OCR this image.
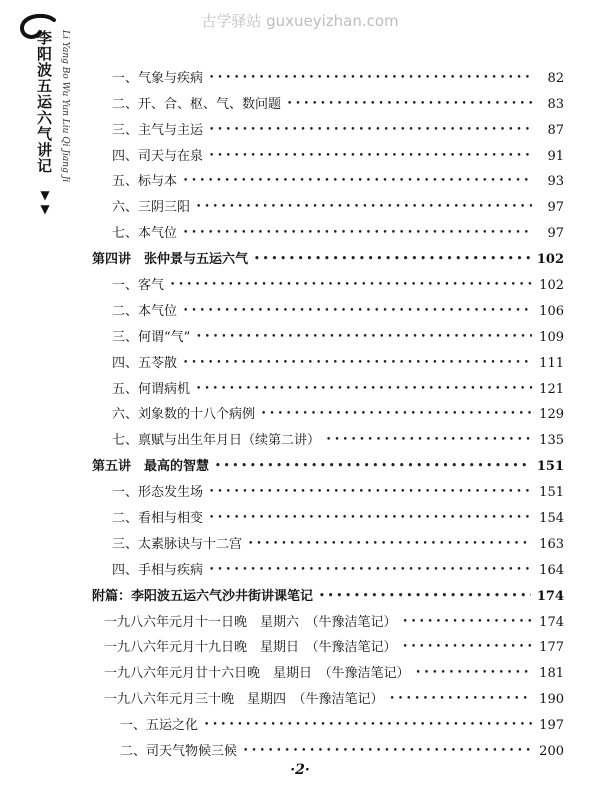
古学驿站 guxueyizhan.com
李阳波五运六气讲记 Li Yang Bo Wu Yun Liu Qi Jiang Ji
▼▼
一、气象与疾病 •••••	82
二、开、合、枢、气、数问题 •••••	83
三、主气与主运 •••••	87
四、司天与在泉 •••••	91
五、标与本 •••••	93
六、三阴三阳 •••••	97
七、本气位 •••••	97
第四讲　张仲景与五运六气 •••••	102
一、客气 •••••	102
二、本气位 •••••	106
三、何谓“气” •••••	109
四、五苓散 •••••	111
五、何谓病机 •••••	121
六、刘象数的十八个病例 •••••	129
七、禀赋与出生年月日（续第二讲） •••••	135
第五讲　最高的智慧 •••••	151
一、形态发生场 •••••	151
二、看相与相变 •••••	154
三、太素脉诀与十二宫 •••••	163
四、手相与疾病 •••••	164
附篇：李阳波五运六气沙井街讲课笔记 •••••	174
一九八六年元月十一日晚　星期六　（牛豫洁笔记） •••••	174
一九八六年元月十九日晚　星期日　（牛豫洁笔记） •••••	177
一九八六年元月廿十六日晚　星期日　（牛豫洁笔记） •••••	181
一九八六年元月三十晚　星期四　（牛豫洁笔记） •••••	190
一、五运之化 •••••	197
二、司天气物候三候 •••••	200
·2·
